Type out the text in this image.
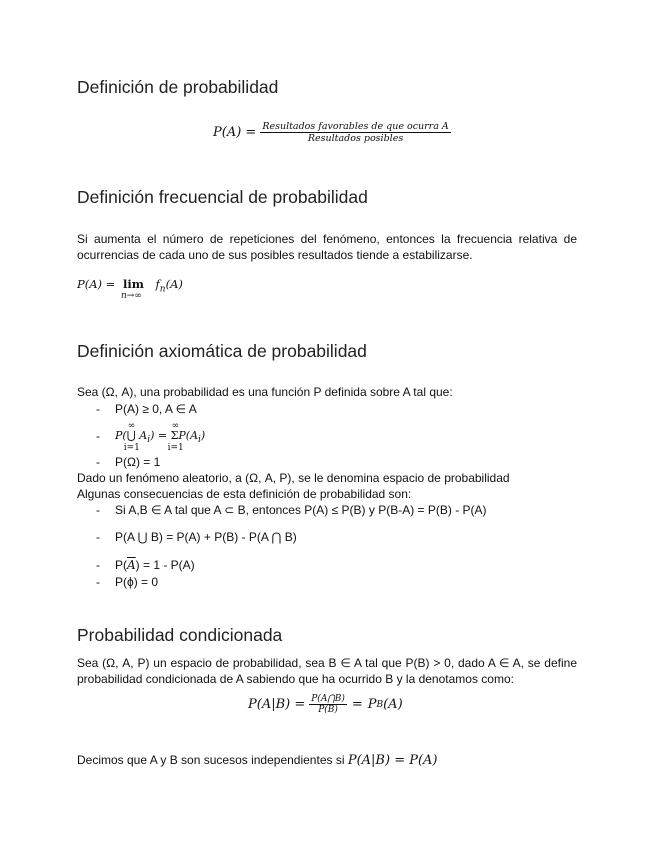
Definición de probabilidad
$P(A) = \frac{\text{Resultados favorables de que ocurra A}}{\text{Resultados posibles}}$
Definición frecuencial de probabilidad
Si aumenta el número de repeticiones del fenómeno, entonces la frecuencia relativa de ocurrencias de cada uno de sus posibles resultados tiende a estabilizarse.
P(A) = lim
n→∞
$f_n(A)$
Definición axiomática de probabilidad
Sea (Ω, A), una probabilidad es una función P definida sobre A tal que:
- P(A) ≥ 0, A ∈ A
-	P(
∞
⋃
i=1
$A_i$) =
∞
Σ
i=1
$P(A_i)$
- P(Ω) = 1
Dado un fenómeno aleatorio, a (Ω, A, P), se le denomina espacio de probabilidad
Algunas consecuencias de esta definición de probabilidad son:
- Si A,B ∈ A tal que A ⊂ B, entonces P(A) ≤ P(B) y P(B-A) = P(B) - P(A)
- P(A ⋃ B) = P(A) + P(B) - P(A ⋂ B)
- $P(\overline{A}) = 1 - P(A)$
- P(ϕ) = 0
Probabilidad condicionada
Sea (Ω, A, P) un espacio de probabilidad, sea B ∈ A tal que P(B) > 0, dado A ∈ A, se define probabilidad condicionada de A sabiendo que ha ocurrido B y la denotamos como:
$P(A|B) = \frac{P(A⋂B)}{P(B)} = P$ B (A)
Decimos que A y B son sucesos independientes si P(A|B) = P(A)
